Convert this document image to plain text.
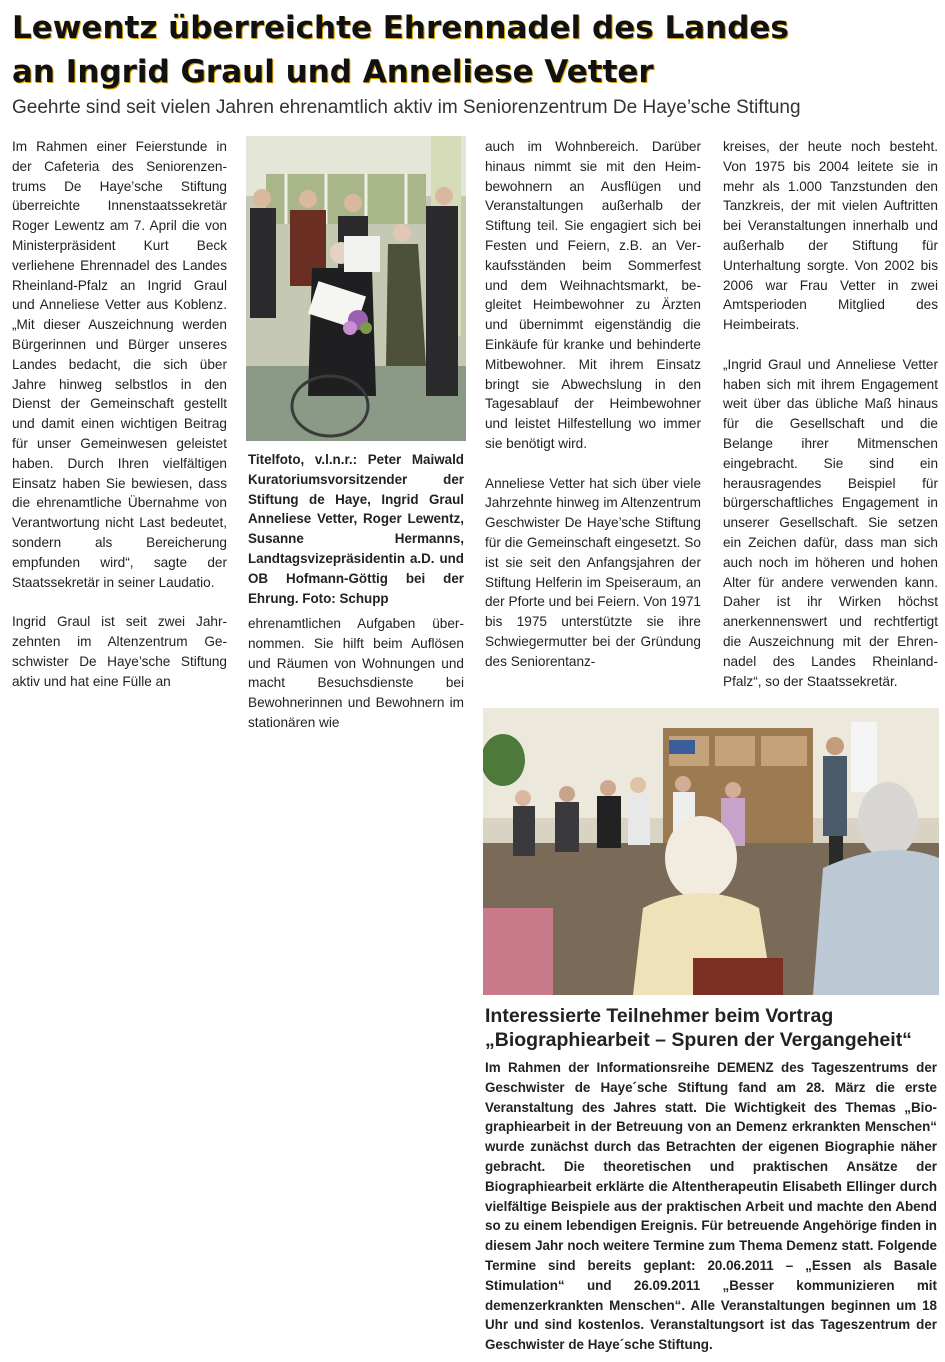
Lewentz überreichte Ehrennadel des Landes
an Ingrid Graul und Anneliese Vetter
Geehrte sind seit vielen Jahren ehrenamtlich aktiv im Seniorenzentrum De Haye’sche Stiftung

Im Rahmen einer Feierstunde in der Cafeteria des Seniorenzentrums De Haye’sche Stiftung überreichte Innenstaatssekretär Roger Lewentz am 7. April die von Ministerpräsident Kurt Beck verliehene Ehrennadel des Landes Rheinland-Pfalz an Ingrid Graul und Anneliese Vetter aus Koblenz. „Mit dieser Auszeichnung werden Bürgerinnen und Bürger unseres Landes bedacht, die sich über Jahre hinweg selbstlos in den Dienst der Gemeinschaft gestellt und damit einen wichtigen Beitrag für unser Gemeinwesen geleistet haben. Durch Ihren vielfältigen Einsatz haben Sie bewiesen, dass die ehrenamtliche Übernahme von Verantwortung nicht Last bedeutet, sondern als Bereicherung empfunden wird“, sagte der Staatssekretär in seiner Laudatio.

Ingrid Graul ist seit zwei Jahrzehnten im Altenzentrum Geschwister De Haye’sche Stiftung aktiv und hat eine Fülle an

Titelfoto, v.l.n.r.: Peter Maiwald Kuratoriumsvorsitzender der Stiftung de Haye, Ingrid Graul Anneliese Vetter, Roger Lewentz, Susanne Hermanns, Landtagsvizepräsidentin a.D. und OB Hofmann-Göttig bei der Ehrung. Foto: Schupp

ehrenamtlichen Aufgaben übernommen. Sie hilft beim Auflösen und Räumen von Wohnungen und macht Besuchsdienste bei Bewohnerinnen und Bewohnern im stationären wie

auch im Wohnbereich. Darüber hinaus nimmt sie mit den Heimbewohnern an Ausflügen und Veranstaltungen außerhalb der Stiftung teil. Sie engagiert sich bei Festen und Feiern, z.B. an Verkaufsständen beim Sommerfest und dem Weihnachtsmarkt, begleitet Heimbewohner zu Ärzten und übernimmt eigenständig die Einkäufe für kranke und behinderte Mitbewohner. Mit ihrem Einsatz bringt sie Abwechslung in den Tagesablauf der Heimbewohner und leistet Hilfestellung wo immer sie benötigt wird.

Anneliese Vetter hat sich über viele Jahrzehnte hinweg im Altenzentrum Geschwister De Haye’sche Stiftung für die Gemeinschaft eingesetzt. So ist sie seit den Anfangsjahren der Stiftung Helferin im Speiseraum, an der Pforte und bei Feiern. Von 1971 bis 1975 unterstützte sie ihre Schwiegermutter bei der Gründung des Seniorentanz-

kreises, der heute noch besteht. Von 1975 bis 2004 leitete sie in mehr als 1.000 Tanzstunden den Tanzkreis, der mit vielen Auftritten bei Veranstaltungen innerhalb und außerhalb der Stiftung für Unterhaltung sorgte. Von 2002 bis 2006 war Frau Vetter in zwei Amtsperioden Mitglied des Heimbeirats.

„Ingrid Graul und Anneliese Vetter haben sich mit ihrem Engagement weit über das übliche Maß hinaus für die Gesellschaft und die Belange ihrer Mitmenschen eingebracht. Sie sind ein herausragendes Beispiel für bürgerschaftliches Engagement in unserer Gesellschaft. Sie setzen ein Zeichen dafür, dass man sich auch noch im höheren und hohen Alter für andere verwenden kann. Daher ist ihr Wirken höchst anerkennenswert und rechtfertigt die Auszeichnung mit der Ehrennadel des Landes Rheinland-Pfalz“, so der Staatssekretär.

Interessierte Teilnehmer beim Vortrag
„Biographiearbeit – Spuren der Vergangeheit“
Im Rahmen der Informationsreihe DEMENZ des Tageszentrums der Geschwister de Haye´sche Stiftung fand am 28. März die erste Veranstaltung des Jahres statt. Die Wichtigkeit des Themas „Biographiearbeit in der Betreuung von an Demenz erkrankten Menschen“ wurde zunächst durch das Betrachten der eigenen Biographie näher gebracht. Die theoretischen und praktischen Ansätze der Biographiearbeit erklärte die Altentherapeutin Elisabeth Ellinger durch vielfältige Beispiele aus der praktischen Arbeit und machte den Abend so zu einem lebendigen Ereignis. Für betreuende Angehörige finden in diesem Jahr noch weitere Termine zum Thema Demenz statt. Folgende Termine sind bereits geplant: 20.06.2011 – „Essen als Basale Stimulation“ und 26.09.2011 „Besser kommunizieren mit demenzerkrankten Menschen“. Alle Veranstaltungen beginnen um 18 Uhr und sind kostenlos. Veranstaltungsort ist das Tageszentrum der Geschwister de Haye´sche Stiftung.
